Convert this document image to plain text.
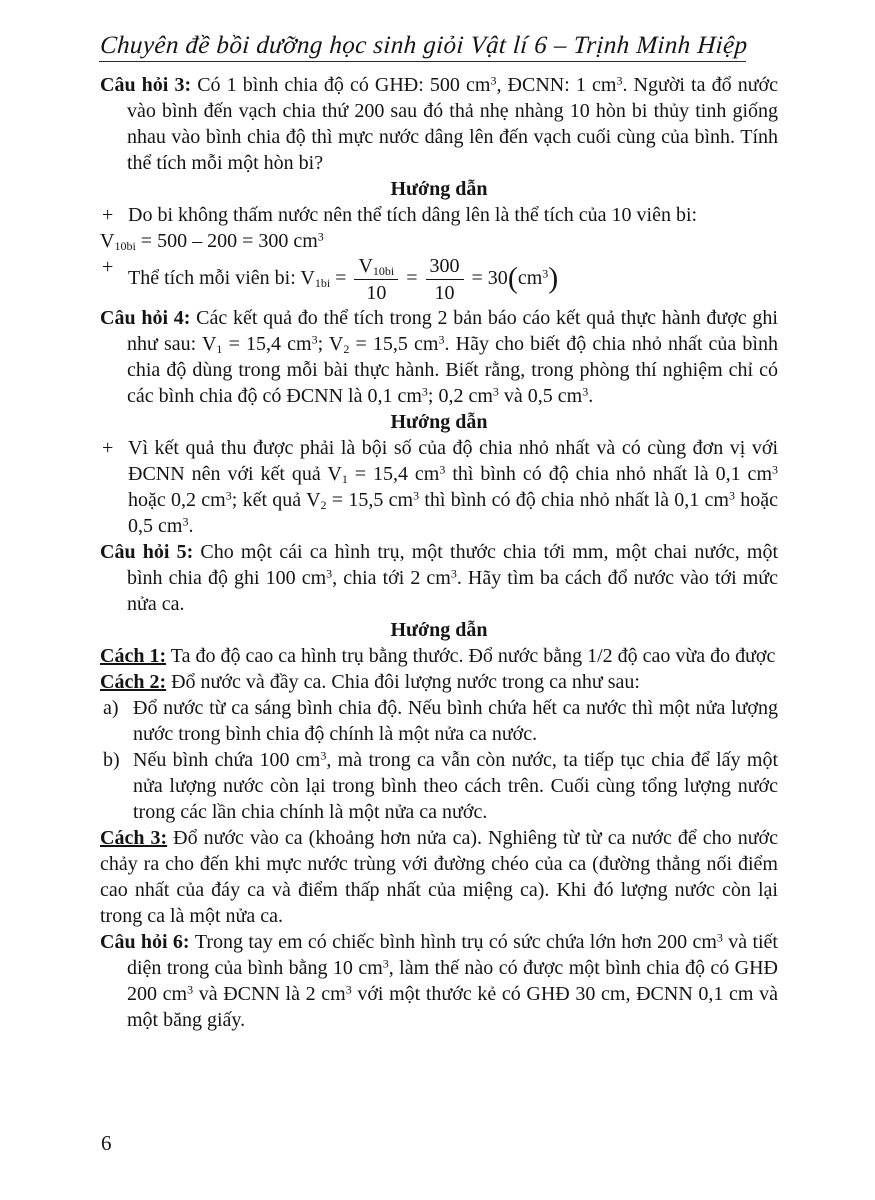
Chuyên đề bồi dưỡng học sinh giỏi Vật lí 6 – Trịnh Minh Hiệp

Câu hỏi 3: Có 1 bình chia độ có GHĐ: 500 $cm^3$, ĐCNN: 1 $cm^3$. Người ta đổ nước vào bình đến vạch chia thứ 200 sau đó thả nhẹ nhàng 10 hòn bi thủy tinh giống nhau vào bình chia độ thì mực nước dâng lên đến vạch cuối cùng của bình. Tính thể tích mỗi một hòn bi?

Hướng dẫn

+ Do bi không thấm nước nên thể tích dâng lên là thể tích của 10 viên bi:

$V_{10bi} = 500 - 200 = 300$ $cm^3$

+
Thể tích mỗi viên bi: $V_{1bi} = \frac{V_{10bi}}{10} = \frac{300}{10} = 30(cm^3)$

Câu hỏi 4: Các kết quả đo thể tích trong 2 bản báo cáo kết quả thực hành được ghi như sau: $V_1 = 15,4$ $cm^3$; $V_2 = 15,5$ $cm^3$. Hãy cho biết độ chia nhỏ nhất của bình chia độ dùng trong mỗi bài thực hành. Biết rằng, trong phòng thí nghiệm chỉ có các bình chia độ có ĐCNN là 0,1 $cm^3$; 0,2 $cm^3$ và 0,5 $cm^3$.

Hướng dẫn

+ Vì kết quả thu được phải là bội số của độ chia nhỏ nhất và có cùng đơn vị với ĐCNN nên với kết quả $V_1 = 15,4$ $cm^3$ thì bình có độ chia nhỏ nhất là 0,1 $cm^3$ hoặc 0,2 $cm^3$; kết quả $V_2 = 15,5$ $cm^3$ thì bình có độ chia nhỏ nhất là 0,1 $cm^3$ hoặc 0,5 $cm^3$.

Câu hỏi 5: Cho một cái ca hình trụ, một thước chia tới mm, một chai nước, một bình chia độ ghi 100 $cm^3$, chia tới 2 $cm^3$. Hãy tìm ba cách đổ nước vào tới mức nửa ca.

Hướng dẫn

Cách 1: Ta đo độ cao ca hình trụ bằng thước. Đổ nước bằng 1/2 độ cao vừa đo được

Cách 2: Đổ nước và đầy ca. Chia đôi lượng nước trong ca như sau:

a) Đổ nước từ ca sáng bình chia độ. Nếu bình chứa hết ca nước thì một nửa lượng nước trong bình chia độ chính là một nửa ca nước.

b) Nếu bình chứa 100 $cm^3$, mà trong ca vẫn còn nước, ta tiếp tục chia để lấy một nửa lượng nước còn lại trong bình theo cách trên. Cuối cùng tổng lượng nước trong các lần chia chính là một nửa ca nước.

Cách 3: Đổ nước vào ca (khoảng hơn nửa ca). Nghiêng từ từ ca nước để cho nước chảy ra cho đến khi mực nước trùng với đường chéo của ca (đường thẳng nối điểm cao nhất của đáy ca và điểm thấp nhất của miệng ca). Khi đó lượng nước còn lại trong ca là một nửa ca.

Câu hỏi 6: Trong tay em có chiếc bình hình trụ có sức chứa lớn hơn 200 $cm^3$ và tiết diện trong của bình bằng 10 $cm^3$, làm thế nào có được một bình chia độ có GHĐ 200 $cm^3$ và ĐCNN là 2 $cm^3$ với một thước kẻ có GHĐ 30 cm, ĐCNN 0,1 cm và một băng giấy.

6
